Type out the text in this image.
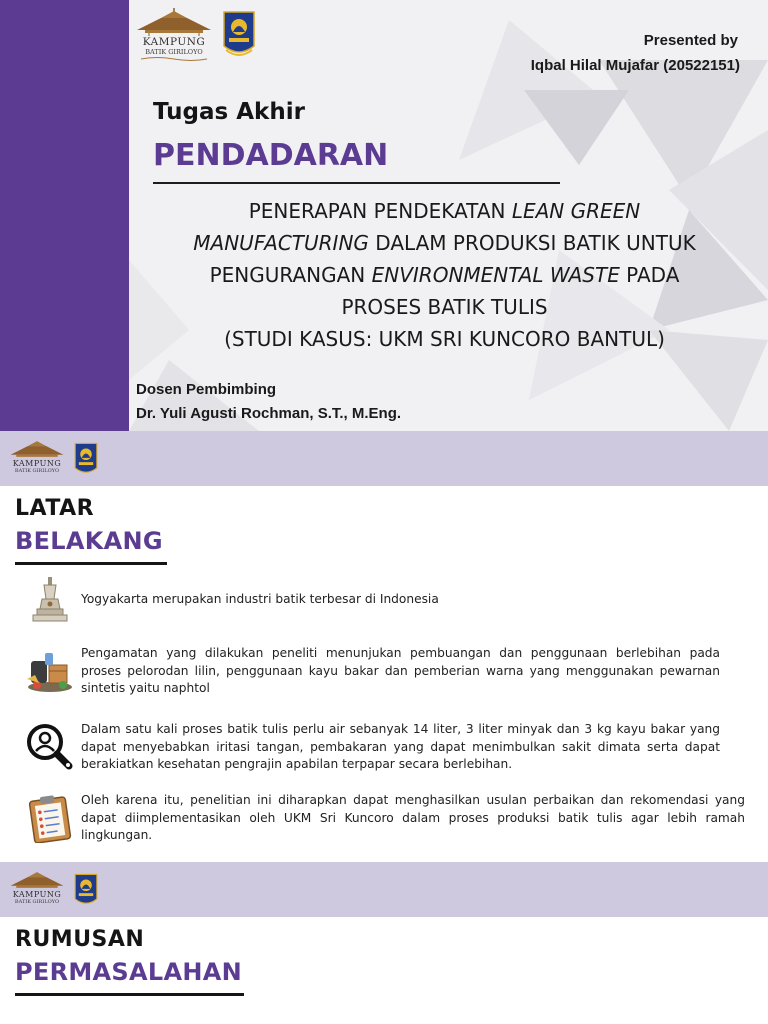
KAMPUNG
BATIK GIRILOYO
Presented by
Iqbal Hilal Mujafar (20522151)
Tugas Akhir
PENDADARAN
PENERAPAN PENDEKATAN LEAN GREEN
MANUFACTURING DALAM PRODUKSI BATIK UNTUK
PENGURANGAN ENVIRONMENTAL WASTE PADA
PROSES BATIK TULIS
(STUDI KASUS: UKM SRI KUNCORO BANTUL)
Dosen Pembimbing
Dr. Yuli Agusti Rochman, S.T., M.Eng.
KAMPUNG
BATIK GIRILOYO
LATAR
BELAKANG
Yogyakarta merupakan industri batik terbesar di Indonesia
Pengamatan yang dilakukan peneliti menunjukan pembuangan dan penggunaan berlebihan pada proses pelorodan lilin, penggunaan kayu bakar dan pemberian warna yang menggunakan pewarnan sintetis yaitu naphtol
Dalam satu kali proses batik tulis perlu air sebanyak 14 liter, 3 liter minyak dan 3 kg kayu bakar yang dapat menyebabkan iritasi tangan, pembakaran yang dapat menimbulkan sakit dimata serta dapat berakiatkan kesehatan pengrajin apabilan terpapar secara berlebihan.
Oleh karena itu, penelitian ini diharapkan dapat menghasilkan usulan perbaikan dan rekomendasi yang dapat diimplementasikan oleh UKM Sri Kuncoro dalam proses produksi batik tulis agar lebih ramah lingkungan.
KAMPUNG
BATIK GIRILOYO
RUMUSAN
PERMASALAHAN
